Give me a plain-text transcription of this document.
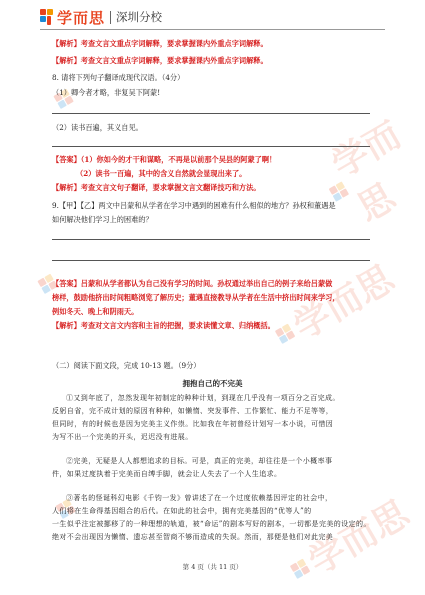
学而思 深圳分校
学而思
学而思
学而思
【解析】考查文言文重点字词解释，要求掌握课内外重点字词解释。
【解析】考查文言文重点字词解释，要求掌握课内外重点字词解释。
8. 请将下列句子翻译成现代汉语。（4分）
（1）卿今者才略，非复吴下阿蒙!
（2）读书百遍，其义自见。
【答案】（1）你如今的才干和谋略，不再是以前那个吴县的阿蒙了啊！
（2）读书一百遍，其中的含义自然就会显现出来了。
【解析】考查文言文句子翻译，要求掌握文言文翻译技巧和方法。
9.【甲】【乙】两文中吕蒙和从学者在学习中遇到的困难有什么相似的地方？孙权和董遇是
如何解决他们学习上的困难的？
【答案】吕蒙和从学者都认为自己没有学习的时间。孙权通过举出自己的例子来给吕蒙做
榜样，鼓励他挤出时间粗略浏览了解历史；董遇直接教导从学者在生活中挤出时间来学习，
例如冬天、晚上和阴雨天。
【解析】考查对文言文内容和主旨的把握，要求读懂文章、归纳概括。
（二）阅读下面文段，完成 10-13 题。（9分）
拥抱自己的不完美
①又到年底了，忽然发现年初制定的种种计划，到现在几乎没有一项百分之百完成。
反躬自省，完不成计划的原因有种种，如懒惰、突发事件、工作繁忙、能力不足等等，
但同时，有的时候也是因为完美主义作祟。比如我在年初曾经计划写一本小说，可惜因
为写不出一个完美的开头，迟迟没有进展。
②完美，无疑是人人都想追求的目标。可是，真正的完美，却往往是一个小概率事
件，如果过度执着于完美而自缚手脚，就会让人失去了一个人生追求。
③著名的怪诞科幻电影《千钧一发》曾讲述了在一个过度依赖基因评定的社会中，
人们将在生命得基因组合的后代。在如此的社会中，拥有完美基因的“优等人”的
一生似乎注定被挪移了的一种理想的轨道，被“命运”的剧本写好的剧本，一切都是完美的设定的。
绝对不会出现因为懒惰、遗忘甚至智商不够而造成的失误。然而，那便是他们对此完美
第 4 页（共 11 页）
